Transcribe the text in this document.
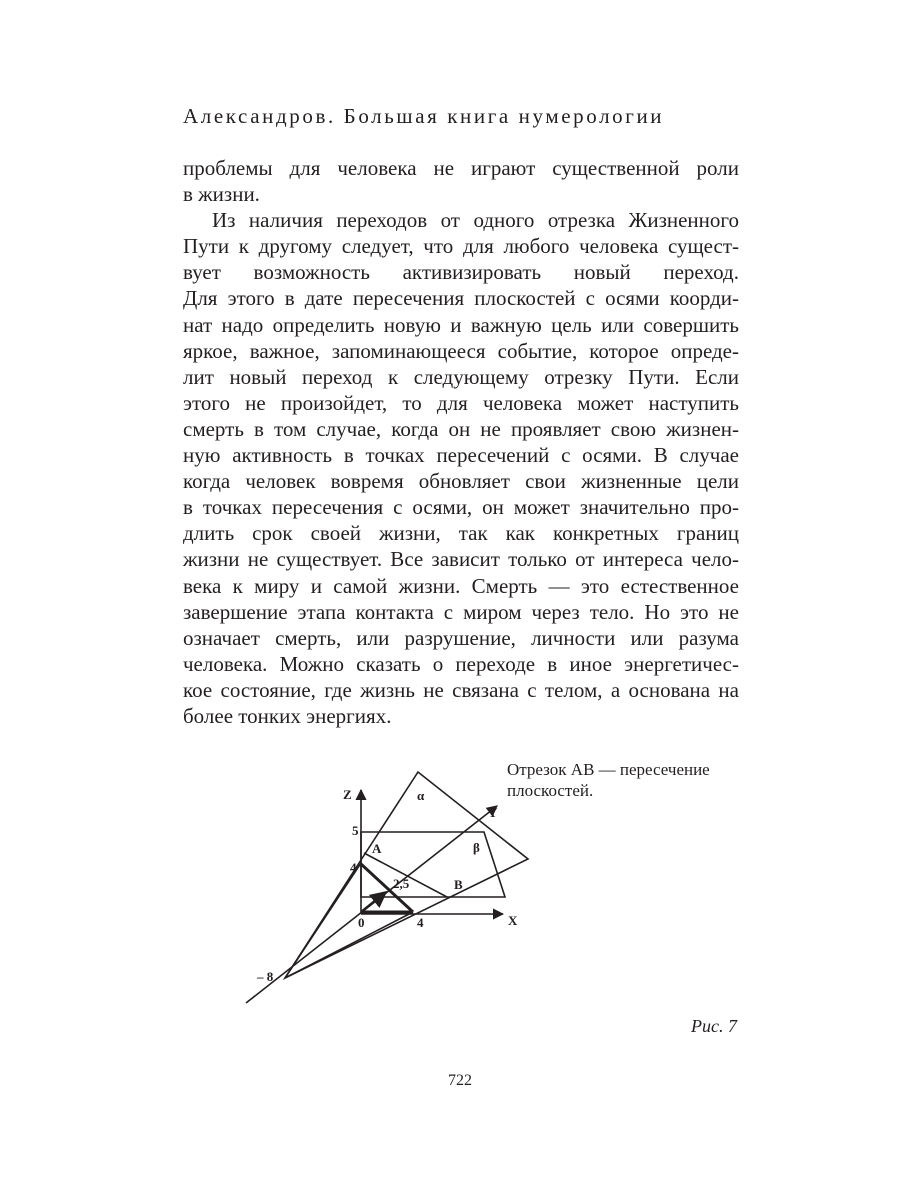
Александров. Большая книга нумерологии
проблемы для человека не играют существенной роли
в жизни.
Из наличия переходов от одного отрезка Жизненного
Пути к другому следует, что для любого человека сущест-
вует возможность активизировать новый переход.
Для этого в дате пересечения плоскостей с осями коорди-
нат надо определить новую и важную цель или совершить
яркое, важное, запоминающееся событие, которое опреде-
лит новый переход к следующему отрезку Пути. Если
этого не произойдет, то для человека может наступить
смерть в том случае, когда он не проявляет свою жизнен-
ную активность в точках пересечений с осями. В случае
когда человек вовремя обновляет свои жизненные цели
в точках пересечения с осями, он может значительно про-
длить срок своей жизни, так как конкретных границ
жизни не существует. Все зависит только от интереса чело-
века к миру и самой жизни. Смерть — это естественное
завершение этапа контакта с миром через тело. Но это не
означает смерть, или разрушение, личности или разума
человека. Можно сказать о переходе в иное энергетичес-
кое состояние, где жизнь не связана с телом, а основана на
более тонких энергиях.
Z
Y
X
α
β
A
B
5
4
2,5
0	4
– 8
Отрезок АВ — пересечение
плоскостей.
Рис. 7
722
